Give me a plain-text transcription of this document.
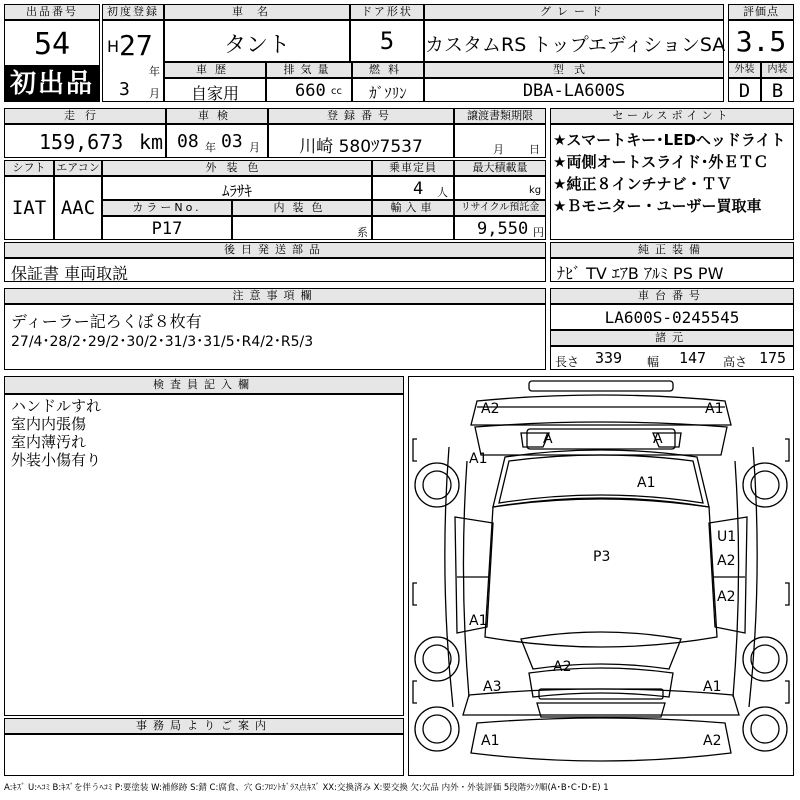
出品番号
54
初出品
初度登録
H 27
年
3 月
車名
タント
ドア形状
5
グレード
カスタムRS トップエディションSA
評価点
3.5
外装	内装
D	B
車歴
自家用
排気量
660 cc
燃料
ｶﾞｿﾘﾝ
型式
DBA-LA600S
走行
159,673 km
車検
08 年 03 月
登録番号
川崎 580ﾂ7537
譲渡書類期限
月 日
セールスポイント
★スマートキー･LEDヘッドライト
★両側オートスライド･外ＥＴＣ
★純正８インチナビ・ＴＶ
★Ｂモニター・ユーザー買取車
シフト エアコン
IAT AAC
外装色
ﾑﾗｻｷ
乗車定員
4 人
最大積載量
kg
カラーNo.
P17
内装色
系
輸入車	リサイクル預託金
9,550 円
後日発送部品
保証書 車両取説
純正装備
ﾅﾋﾞ TV ｴｱB ｱﾙﾐ PS PW
注意事項欄
ディーラー記ろくぼ８枚有
27/4･28/2･29/2･30/2･31/3･31/5･R4/2･R5/3
車台番号
LA600S-0245545
諸元
長さ 339 幅 147 高さ 175
検査員記入欄
ハンドルすれ
室内内張傷
室内薄汚れ
外装小傷有り
事務局よりご案内
A2	A1
A	A
A1
A1
U1
A2
P3
A2
A1
A2
A3	A1
A1	A2
A:ｷｽﾞ U:ﾍｺﾐ B:ｷｽﾞを伴うﾍｺﾐ P:要塗装 W:補修跡 S:錆 C:腐食、穴 G:ﾌﾛﾝﾄｶﾞﾗｽ点ｷｽﾞ XX:交換済み X:要交換 欠:欠品 内外・外装評価 5段階ﾗﾝｸ順(A･B･C･D･E) 1
